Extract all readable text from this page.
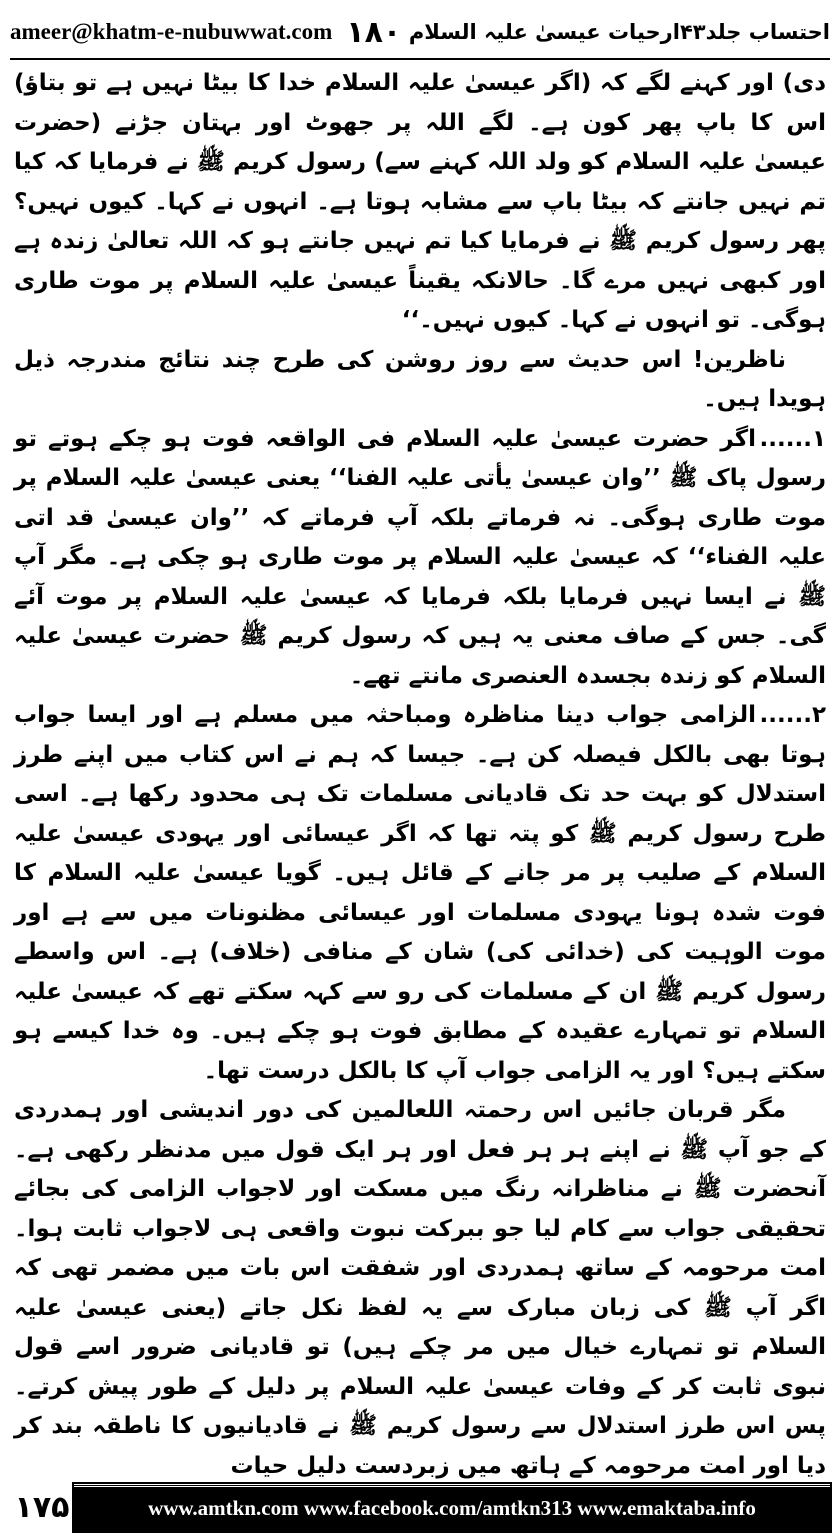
ameer@khatm-e-nubuwwat.com ۱۸۰ احتساب جلد۴۳ارحیات عیسیٰ علیہ السلام

دی) اور کہنے لگے کہ (اگر عیسیٰ علیہ السلام خدا کا بیٹا نہیں ہے تو بتاؤ) اس کا باپ پھر کون ہے۔ لگے اللہ پر جھوٹ اور بہتان جڑنے (حضرت عیسیٰ علیہ السلام کو ولد اللہ کہنے سے) رسول کریم ﷺ نے فرمایا کہ کیا تم نہیں جانتے کہ بیٹا باپ سے مشابہ ہوتا ہے۔ انہوں نے کہا۔ کیوں نہیں؟ پھر رسول کریم ﷺ نے فرمایا کیا تم نہیں جانتے ہو کہ اللہ تعالیٰ زندہ ہے اور کبھی نہیں مرے گا۔ حالانکہ یقیناً عیسیٰ علیہ السلام پر موت طاری ہوگی۔ تو انہوں نے کہا۔ کیوں نہیں۔‘‘

ناظرین! اس حدیث سے روز روشن کی طرح چند نتائج مندرجہ ذیل ہویدا ہیں۔

۱......اگر حضرت عیسیٰ علیہ السلام فی الواقعہ فوت ہو چکے ہوتے تو رسول پاک ﷺ ’’وان عیسیٰ یأتی علیہ الفنا‘‘ یعنی عیسیٰ علیہ السلام پر موت طاری ہوگی۔ نہ فرماتے بلکہ آپ فرماتے کہ ’’وان عیسیٰ قد اتی علیہ الفناء‘‘ کہ عیسیٰ علیہ السلام پر موت طاری ہو چکی ہے۔ مگر آپ ﷺ نے ایسا نہیں فرمایا بلکہ فرمایا کہ عیسیٰ علیہ السلام پر موت آئے گی۔ جس کے صاف معنی یہ ہیں کہ رسول کریم ﷺ حضرت عیسیٰ علیہ السلام کو زندہ بجسدہ العنصری مانتے تھے۔

۲......الزامی جواب دینا مناظرہ ومباحثہ میں مسلم ہے اور ایسا جواب ہوتا بھی بالکل فیصلہ کن ہے۔ جیسا کہ ہم نے اس کتاب میں اپنے طرز استدلال کو بہت حد تک قادیانی مسلمات تک ہی محدود رکھا ہے۔ اسی طرح رسول کریم ﷺ کو پتہ تھا کہ اگر عیسائی اور یہودی عیسیٰ علیہ السلام کے صلیب پر مر جانے کے قائل ہیں۔ گویا عیسیٰ علیہ السلام کا فوت شدہ ہونا یہودی مسلمات اور عیسائی مظنونات میں سے ہے اور موت الوہیت کی (خدائی کی) شان کے منافی (خلاف) ہے۔ اس واسطے رسول کریم ﷺ ان کے مسلمات کی رو سے کہہ سکتے تھے کہ عیسیٰ علیہ السلام تو تمہارے عقیدہ کے مطابق فوت ہو چکے ہیں۔ وہ خدا کیسے ہو سکتے ہیں؟ اور یہ الزامی جواب آپ کا بالکل درست تھا۔

مگر قربان جائیں اس رحمتہ اللعالمین کی دور اندیشی اور ہمدردی کے جو آپ ﷺ نے اپنے ہر ہر فعل اور ہر ایک قول میں مدنظر رکھی ہے۔ آنحضرت ﷺ نے مناظرانہ رنگ میں مسکت اور لاجواب الزامی کی بجائے تحقیقی جواب سے کام لیا جو ببرکت نبوت واقعی ہی لاجواب ثابت ہوا۔ امت مرحومہ کے ساتھ ہمدردی اور شفقت اس بات میں مضمر تھی کہ اگر آپ ﷺ کی زبان مبارک سے یہ لفظ نکل جاتے (یعنی عیسیٰ علیہ السلام تو تمہارے خیال میں مر چکے ہیں) تو قادیانی ضرور اسے قول نبوی ثابت کر کے وفات عیسیٰ علیہ السلام پر دلیل کے طور پیش کرتے۔ پس اس طرز استدلال سے رسول کریم ﷺ نے قادیانیوں کا ناطقہ بند کر دیا اور امت مرحومہ کے ہاتھ میں زبردست دلیل حیات

۱۷۵	www.amtkn.com www.facebook.com/amtkn313 www.emaktaba.info
